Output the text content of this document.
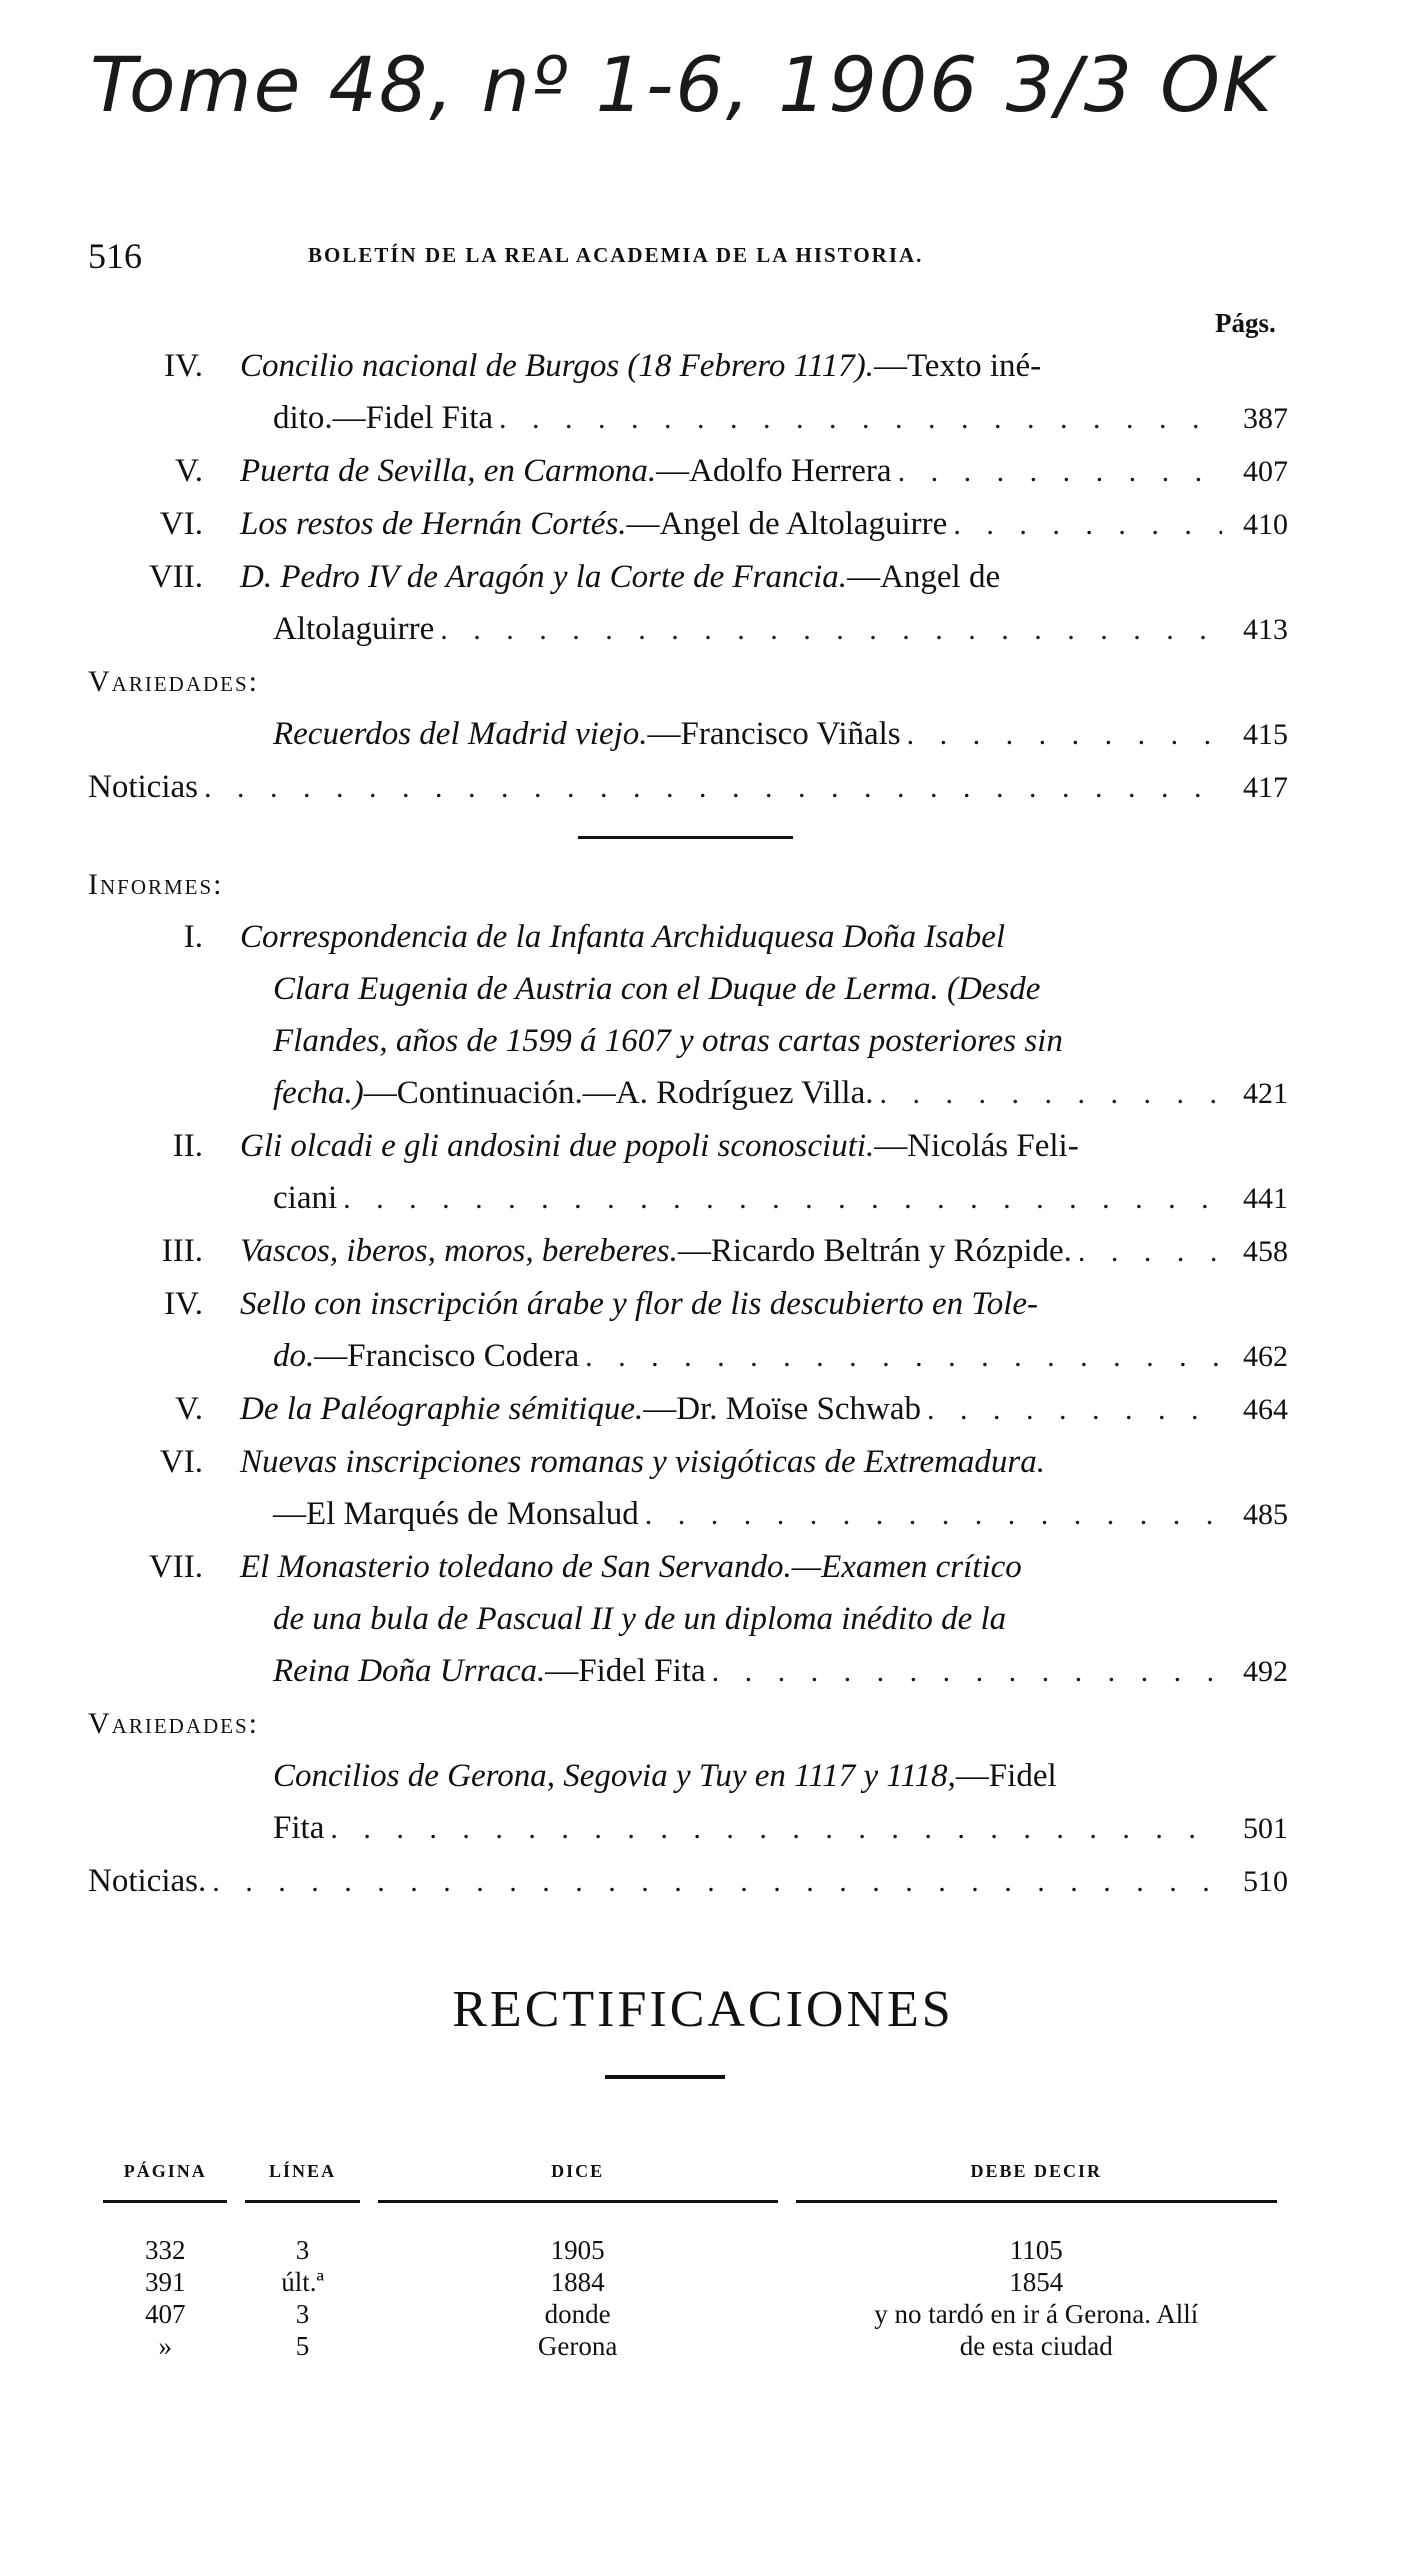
Tome 48, nº 1-6, 1906 3/3 OK
516	BOLETÍN DE LA REAL ACADEMIA DE LA HISTORIA.
Págs.
IV. Concilio nacional de Burgos (18 Febrero 1117). —Texto iné-
dito.—Fidel Fita . . .	387
V. Puerta de Sevilla, en Carmona. —Adolfo Herrera . . .	407
VI. Los restos de Hernán Cortés. —Angel de Altolaguirre . . .	410
VII. D. Pedro IV de Aragón y la Corte de Francia. —Angel de
Altolaguirre . . .	413
Variedades:
Recuerdos del Madrid viejo. —Francisco Viñals . . .	415
Noticias . . .	417
Informes:
I. Correspondencia de la Infanta Archiduquesa Doña Isabel
Clara Eugenia de Austria con el Duque de Lerma. (Desde
Flandes, años de 1599 á 1607 y otras cartas posteriores sin
fecha.) —Continuación.—A. Rodríguez Villa. . . .	421
II. Gli olcadi e gli andosini due popoli sconosciuti. —Nicolás Feli-
ciani . . .	441
III. Vascos, iberos, moros, bereberes. —Ricardo Beltrán y Rózpide. . . .	458
IV. Sello con inscripción árabe y flor de lis descubierto en Tole-
do. —Francisco Codera . . .	462
V. De la Paléographie sémitique. —Dr. Moïse Schwab . . .	464
VI. Nuevas inscripciones romanas y visigóticas de Extremadura.
—El Marqués de Monsalud . . .	485
VII. El Monasterio toledano de San Servando.—Examen crítico
de una bula de Pascual II y de un diploma inédito de la
Reina Doña Urraca. —Fidel Fita . . .	492
Variedades:
Concilios de Gerona, Segovia y Tuy en 1117 y 1118, —Fidel
Fita . . .	501
Noticias. . . .	510
RECTIFICACIONES
PÁGINA	LÍNEA	DICE	DEBE DECIR
332	3	1905	1105
391	últ.ª	1884	1854
407	3	donde	y no tardó en ir á Gerona. Allí
»	5	Gerona	de esta ciudad
